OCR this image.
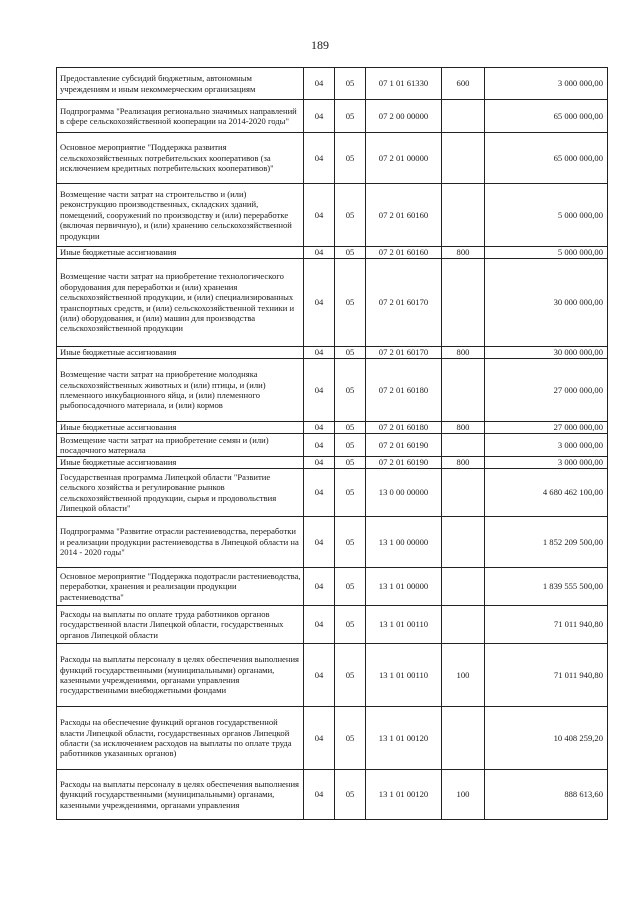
189
Предоставление субсидий бюджетным, автономным учреждениям и иным некоммерческим организациям	04	05	07 1 01 61330	600	3 000 000,00
Подпрограмма "Реализация регионально значимых направлений в сфере сельскохозяйственной кооперации на 2014-2020 годы"	04	05	07 2 00 00000		65 000 000,00
Основное мероприятие "Поддержка развития сельскохозяйственных потребительских кооперативов (за исключением кредитных потребительских кооперативов)"	04	05	07 2 01 00000		65 000 000,00
Возмещение части затрат на строительство и (или) реконструкцию производственных, складских зданий, помещений, сооружений по производству и (или) переработке (включая первичную), и (или) хранению сельскохозяйственной продукции	04	05	07 2 01 60160		5 000 000,00
Иные бюджетные ассигнования	04	05	07 2 01 60160	800	5 000 000,00
Возмещение части затрат на приобретение технологического оборудования для переработки и (или) хранения сельскохозяйственной продукции, и (или) специализированных транспортных средств, и (или) сельскохозяйственной техники и (или) оборудования, и (или) машин для производства сельскохозяйственной продукции	04	05	07 2 01 60170		30 000 000,00
Иные бюджетные ассигнования	04	05	07 2 01 60170	800	30 000 000,00
Возмещение части затрат на приобретение молодняка сельскохозяйственных животных и (или) птицы, и (или) племенного инкубационного яйца, и (или) племенного рыбопосадочного материала, и (или) кормов	04	05	07 2 01 60180		27 000 000,00
Иные бюджетные ассигнования	04	05	07 2 01 60180	800	27 000 000,00
Возмещение части затрат на приобретение семян и (или) посадочного материала	04	05	07 2 01 60190		3 000 000,00
Иные бюджетные ассигнования	04	05	07 2 01 60190	800	3 000 000,00
Государственная программа Липецкой области "Развитие сельского хозяйства и регулирование рынков сельскохозяйственной продукции, сырья и продовольствия Липецкой области"	04	05	13 0 00 00000		4 680 462 100,00
Подпрограмма "Развитие отрасли растениеводства, переработки и реализации продукции растениеводства в Липецкой области на 2014 - 2020 годы"	04	05	13 1 00 00000		1 852 209 500,00
Основное мероприятие "Поддержка подотрасли растениеводства, переработки, хранения и реализации продукции растениеводства"	04	05	13 1 01 00000		1 839 555 500,00
Расходы на выплаты по оплате труда работников органов государственной власти Липецкой области, государственных органов Липецкой области	04	05	13 1 01 00110		71 011 940,80
Расходы на выплаты персоналу в целях обеспечения выполнения функций государственными (муниципальными) органами, казенными учреждениями, органами управления государственными внебюджетными фондами	04	05	13 1 01 00110	100	71 011 940,80
Расходы на обеспечение функций органов государственной власти Липецкой области, государственных органов Липецкой области (за исключением расходов на выплаты по оплате труда работников указанных органов)	04	05	13 1 01 00120		10 408 259,20
Расходы на выплаты персоналу в целях обеспечения выполнения функций государственными (муниципальными) органами, казенными учреждениями, органами управления	04	05	13 1 01 00120	100	888 613,60
